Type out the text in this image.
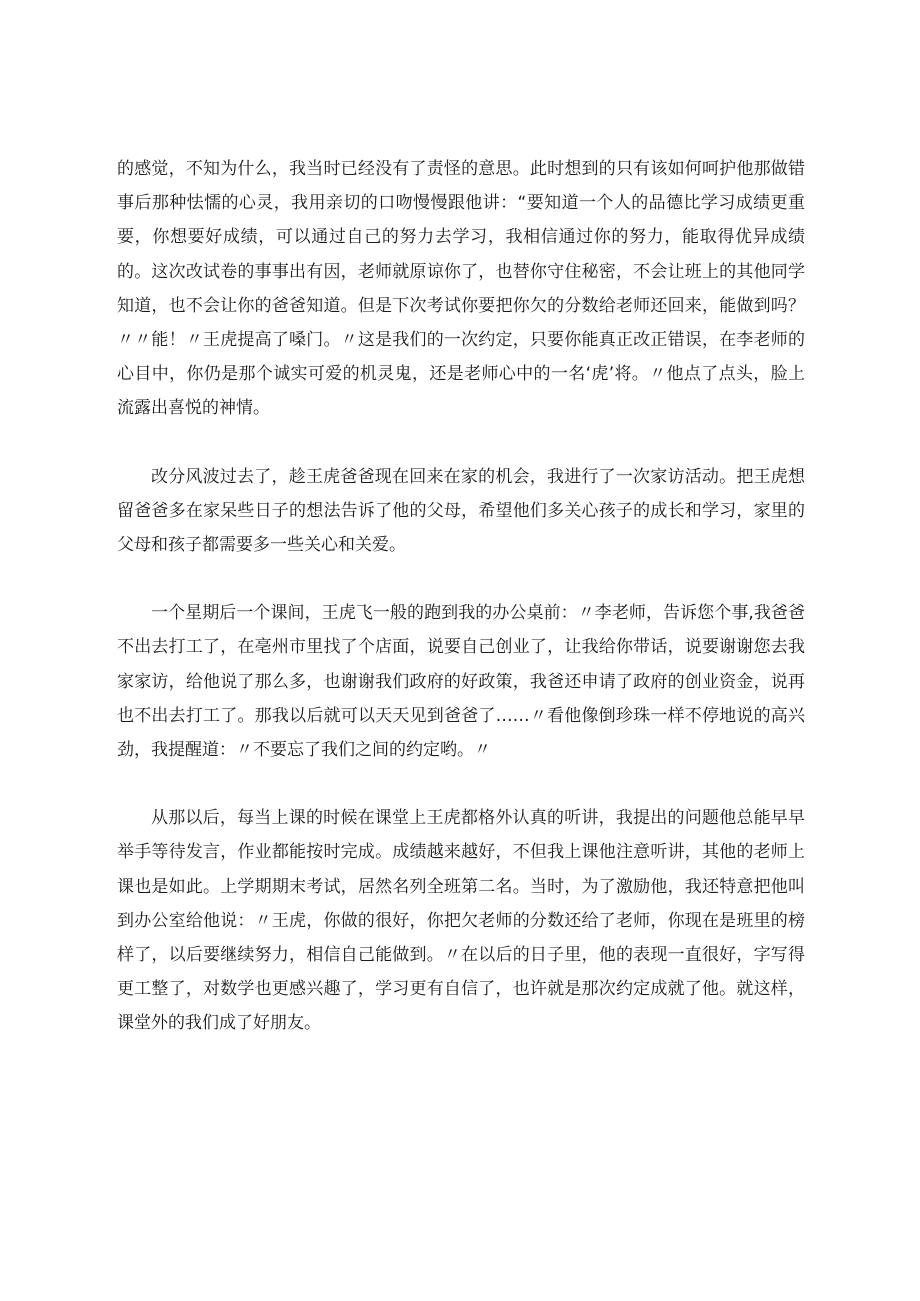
的感觉，不知为什么，我当时已经没有了责怪的意思。此时想到的只有该如何呵护他那做错事后那种怯懦的心灵，我用亲切的口吻慢慢跟他讲：“要知道一个人的品德比学习成绩更重要，你想要好成绩，可以通过自己的努力去学习，我相信通过你的努力，能取得优异成绩的。这次改试卷的事事出有因，老师就原谅你了，也替你守住秘密，不会让班上的其他同学知道，也不会让你的爸爸知道。但是下次考试你要把你欠的分数给老师还回来，能做到吗？〃〃能！〃王虎提高了嗓门。〃这是我们的一次约定，只要你能真正改正错误，在李老师的心目中，你仍是那个诚实可爱的机灵鬼，还是老师心中的一名‘虎’将。〃他点了点头，脸上流露出喜悦的神情。

改分风波过去了，趁王虎爸爸现在回来在家的机会，我进行了一次家访活动。把王虎想留爸爸多在家呆些日子的想法告诉了他的父母，希望他们多关心孩子的成长和学习，家里的父母和孩子都需要多一些关心和关爱。

一个星期后一个课间，王虎飞一般的跑到我的办公桌前：〃李老师，告诉您个事,我爸爸不出去打工了，在亳州市里找了个店面，说要自己创业了，让我给你带话，说要谢谢您去我家家访，给他说了那么多，也谢谢我们政府的好政策，我爸还申请了政府的创业资金，说再也不出去打工了。那我以后就可以天天见到爸爸了……〃看他像倒珍珠一样不停地说的高兴劲，我提醒道：〃不要忘了我们之间的约定哟。〃

从那以后，每当上课的时候在课堂上王虎都格外认真的听讲，我提出的问题他总能早早举手等待发言，作业都能按时完成。成绩越来越好，不但我上课他注意听讲，其他的老师上课也是如此。上学期期末考试，居然名列全班第二名。当时，为了激励他，我还特意把他叫到办公室给他说：〃王虎，你做的很好，你把欠老师的分数还给了老师，你现在是班里的榜样了，以后要继续努力，相信自己能做到。〃在以后的日子里，他的表现一直很好，字写得更工整了，对数学也更感兴趣了，学习更有自信了，也许就是那次约定成就了他。就这样，课堂外的我们成了好朋友。
